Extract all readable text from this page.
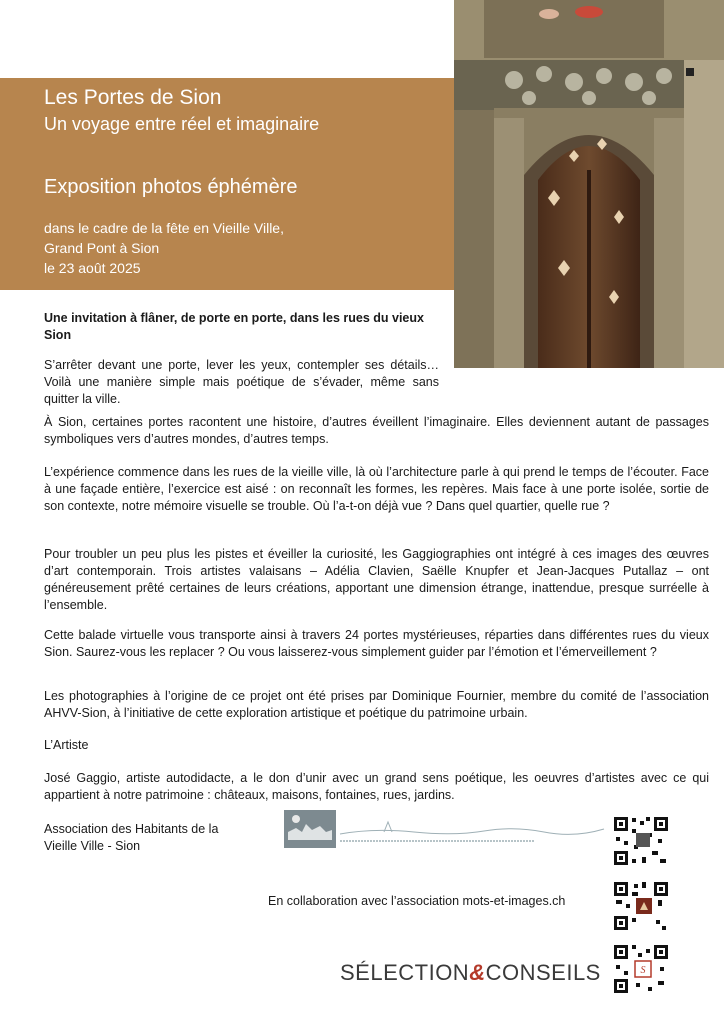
Les Portes de Sion
Un voyage entre réel et imaginaire
Exposition photos éphémère
dans le cadre de la fête en Vieille Ville,
Grand Pont à Sion
le 23 août 2025
Une invitation à flâner, de porte en porte, dans les rues du vieux Sion

S’arrêter devant une porte, lever les yeux, contempler ses détails… Voilà une manière simple mais poétique de s’évader, même sans quitter la ville.

À Sion, certaines portes racontent une histoire, d’autres éveillent l’imaginaire. Elles deviennent autant de passages symboliques vers d’autres mondes, d’autres temps.

L’expérience commence dans les rues de la vieille ville, là où l’architecture parle à qui prend le temps de l’écouter. Face à une façade entière, l’exercice est aisé : on reconnaît les formes, les repères. Mais face à une porte isolée, sortie de son contexte, notre mémoire visuelle se trouble. Où l’a-t-on déjà vue ? Dans quel quartier, quelle rue ?

Pour troubler un peu plus les pistes et éveiller la curiosité, les Gaggiographies ont intégré à ces images des œuvres d’art contemporain. Trois artistes valaisans – Adélia Clavien, Saëlle Knupfer et Jean-Jacques Putallaz – ont généreusement prêté certaines de leurs créations, apportant une dimension étrange, inattendue, presque surréelle à l’ensemble.

Cette balade virtuelle vous transporte ainsi à travers 24 portes mystérieuses, réparties dans différentes rues du vieux Sion. Saurez-vous les replacer ? Ou vous laisserez-vous simplement guider par l’émotion et l’émerveillement ?

Les photographies à l’origine de ce projet ont été prises par Dominique Fournier, membre du comité de l’association AHVV-Sion, à l’initiative de cette exploration artistique et poétique du patrimoine urbain.

L’Artiste

José Gaggio, artiste autodidacte, a le don d’unir avec un grand sens poétique, les oeuvres d’artistes avec ce qui appartient à notre patrimoine : châteaux, maisons, fontaines, rues, jardins.

Association des Habitants de la Vieille Ville - Sion
En collaboration avec l’association mots-et-images.ch
SÉLECTION&CONSEILS	S
